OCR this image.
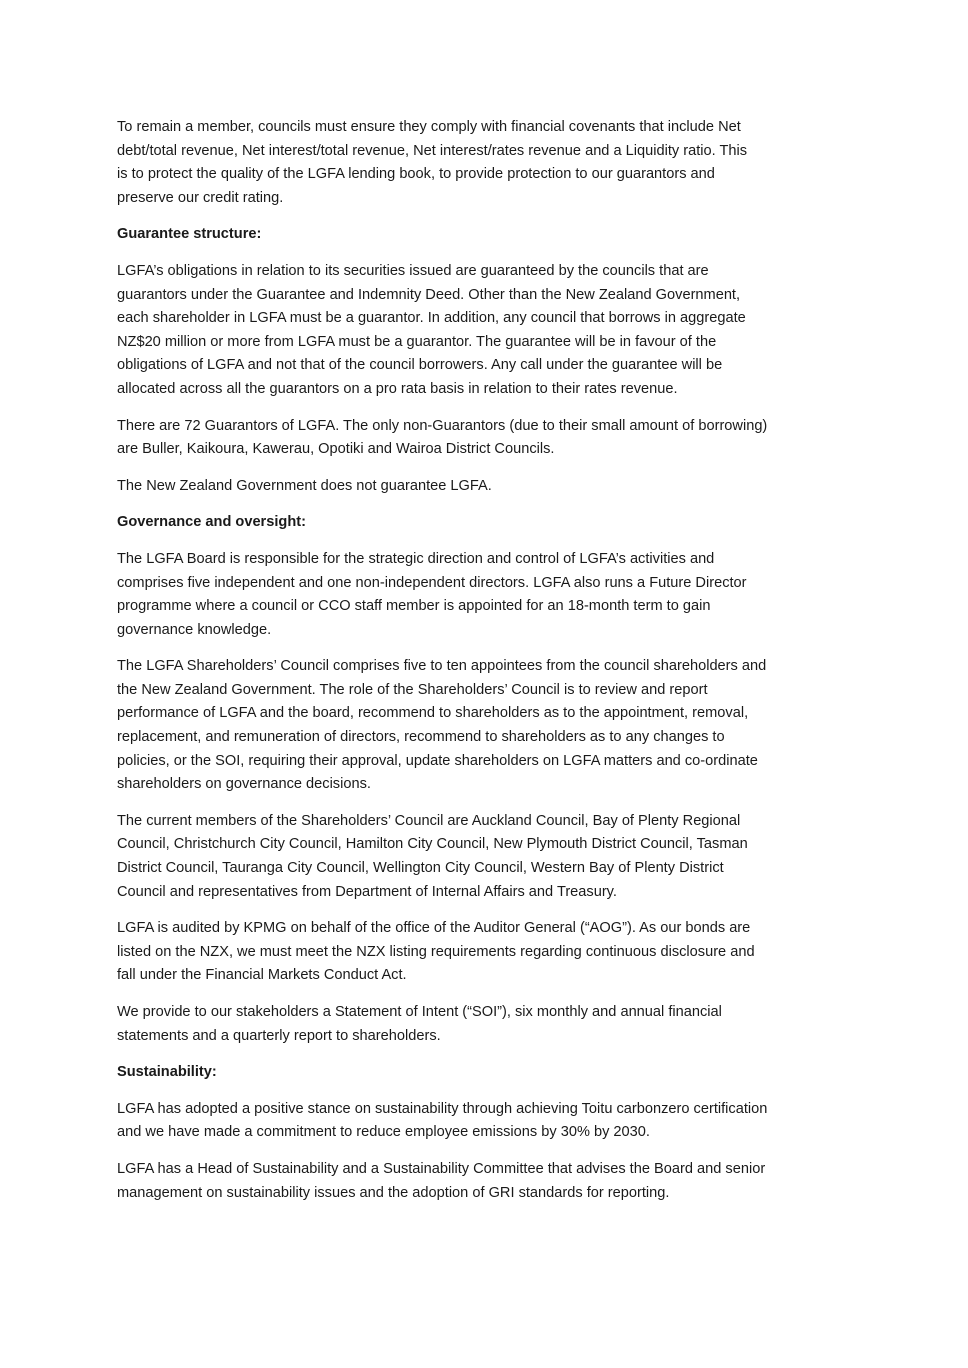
To remain a member, councils must ensure they comply with financial covenants that include Net
debt/total revenue, Net interest/total revenue, Net interest/rates revenue and a Liquidity ratio. This
is to protect the quality of the LGFA lending book, to provide protection to our guarantors and
preserve our credit rating.

Guarantee structure:

LGFA’s obligations in relation to its securities issued are guaranteed by the councils that are
guarantors under the Guarantee and Indemnity Deed. Other than the New Zealand Government,
each shareholder in LGFA must be a guarantor. In addition, any council that borrows in aggregate
NZ$20 million or more from LGFA must be a guarantor. The guarantee will be in favour of the
obligations of LGFA and not that of the council borrowers. Any call under the guarantee will be
allocated across all the guarantors on a pro rata basis in relation to their rates revenue.

There are 72 Guarantors of LGFA. The only non-Guarantors (due to their small amount of borrowing)
are Buller, Kaikoura, Kawerau, Opotiki and Wairoa District Councils.

The New Zealand Government does not guarantee LGFA.

Governance and oversight:

The LGFA Board is responsible for the strategic direction and control of LGFA’s activities and
comprises five independent and one non-independent directors. LGFA also runs a Future Director
programme where a council or CCO staff member is appointed for an 18-month term to gain
governance knowledge.

The LGFA Shareholders’ Council comprises five to ten appointees from the council shareholders and
the New Zealand Government. The role of the Shareholders’ Council is to review and report
performance of LGFA and the board, recommend to shareholders as to the appointment, removal,
replacement, and remuneration of directors, recommend to shareholders as to any changes to
policies, or the SOI, requiring their approval, update shareholders on LGFA matters and co-ordinate
shareholders on governance decisions.

The current members of the Shareholders’ Council are Auckland Council, Bay of Plenty Regional
Council, Christchurch City Council, Hamilton City Council, New Plymouth District Council, Tasman
District Council, Tauranga City Council, Wellington City Council, Western Bay of Plenty District
Council and representatives from Department of Internal Affairs and Treasury.

LGFA is audited by KPMG on behalf of the office of the Auditor General (“AOG”). As our bonds are
listed on the NZX, we must meet the NZX listing requirements regarding continuous disclosure and
fall under the Financial Markets Conduct Act.

We provide to our stakeholders a Statement of Intent (“SOI”), six monthly and annual financial
statements and a quarterly report to shareholders.

Sustainability:

LGFA has adopted a positive stance on sustainability through achieving Toitu carbonzero certification
and we have made a commitment to reduce employee emissions by 30% by 2030.

LGFA has a Head of Sustainability and a Sustainability Committee that advises the Board and senior
management on sustainability issues and the adoption of GRI standards for reporting.
